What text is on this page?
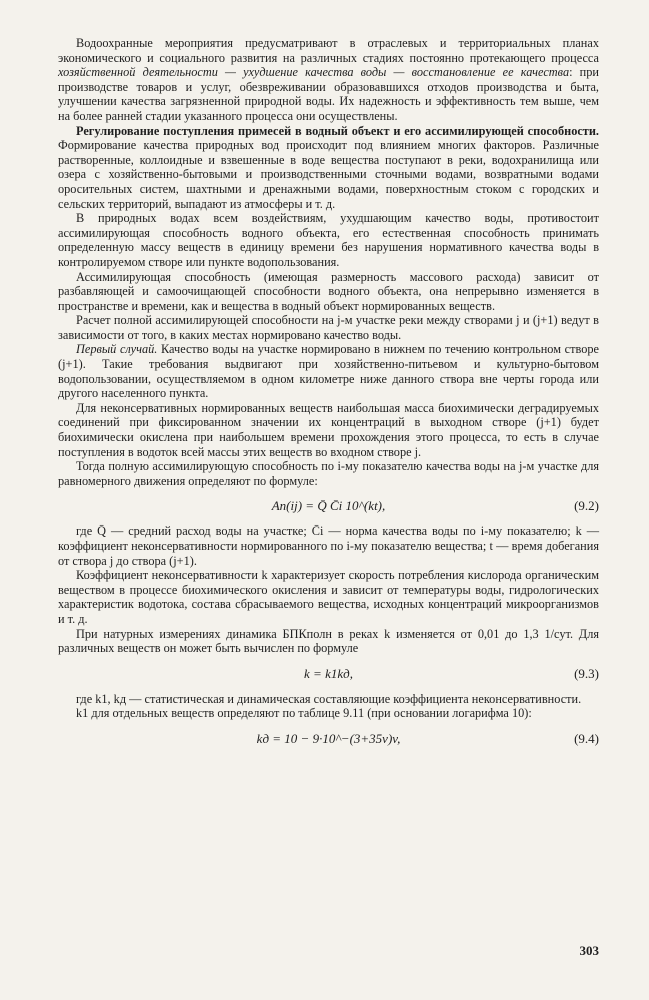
Водоохранные мероприятия предусматривают в отраслевых и территориальных планах экономического и социального развития на различных стадиях постоянно протекающего процесса хозяйственной деятельности — ухудшение качества воды — восстановление ее качества: при производстве товаров и услуг, обезвреживании образовавшихся отходов производства и быта, улучшении качества загрязненной природной воды. Их надежность и эффективность тем выше, чем на более ранней стадии указанного процесса они осуществлены.

Регулирование поступления примесей в водный объект и его ассимилирующей способности. Формирование качества природных вод происходит под влиянием многих факторов. Различные растворенные, коллоидные и взвешенные в воде вещества поступают в реки, водохранилища или озера с хозяйственно-бытовыми и производственными сточными водами, возвратными водами оросительных систем, шахтными и дренажными водами, поверхностным стоком с городских и сельских территорий, выпадают из атмосферы и т. д.

В природных водах всем воздействиям, ухудшающим качество воды, противостоит ассимилирующая способность водного объекта, его естественная способность принимать определенную массу веществ в единицу времени без нарушения нормативного качества воды в контролируемом створе или пункте водопользования.

Ассимилирующая способность (имеющая размерность массового расхода) зависит от разбавляющей и самоочищающей способности водного объекта, она непрерывно изменяется в пространстве и времени, как и вещества в водный объект нормированных веществ.

Расчет полной ассимилирующей способности на j-м участке реки между створами j и (j+1) ведут в зависимости от того, в каких местах нормировано качество воды.

Первый случай. Качество воды на участке нормировано в нижнем по течению контрольном створе (j+1). Такие требования выдвигают при хозяйственно-питьевом и культурно-бытовом водопользовании, осуществляемом в одном километре ниже данного створа вне черты города или другого населенного пункта.

Для неконсервативных нормированных веществ наибольшая масса биохимически деградируемых соединений при фиксированном значении их концентраций в выходном створе (j+1) будет биохимически окислена при наибольшем времени прохождения этого процесса, то есть в случае поступления в водоток всей массы этих веществ во входном створе j.

Тогда полную ассимилирующую способность по i-му показателю качества воды на j-м участке для равномерного движения определяют по формуле:

Aп(ij) = Q̄ C̄i 10^(kt),	(9.2)

где Q̄ — средний расход воды на участке; C̄i — норма качества воды по i-му показателю; k — коэффициент неконсервативности нормированного по i-му показателю вещества; t — время добегания от створа j до створа (j+1).

Коэффициент неконсервативности k характеризует скорость потребления кислорода органическим веществом в процессе биохимического окисления и зависит от температуры воды, гидрологических характеристик водотока, состава сбрасываемого вещества, исходных концентраций микроорганизмов и т. д.

При натурных измерениях динамика БПКполн в реках k изменяется от 0,01 до 1,3 1/сут. Для различных веществ он может быть вычислен по формуле

k = k1kд,	(9.3)

где k1, kд — статистическая и динамическая составляющие коэффициента неконсервативности.

k1 для отдельных веществ определяют по таблице 9.11 (при основании логарифма 10):

kд = 10 − 9·10^−(3+35v)v,	(9.4)
303
